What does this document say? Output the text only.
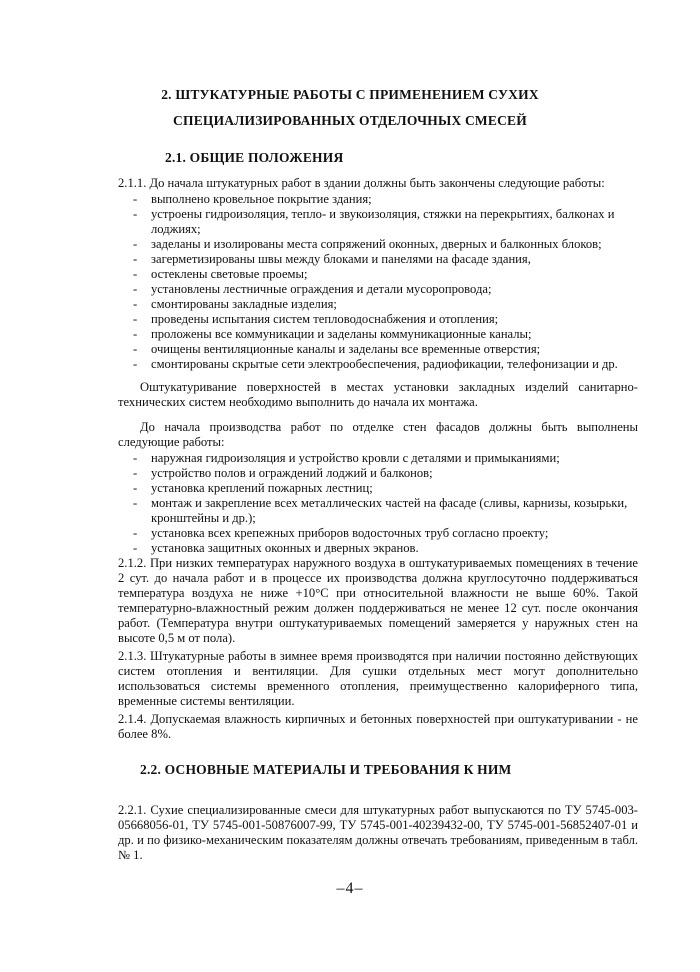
2. ШТУКАТУРНЫЕ РАБОТЫ С ПРИМЕНЕНИЕМ СУХИХ
СПЕЦИАЛИЗИРОВАННЫХ ОТДЕЛОЧНЫХ СМЕСЕЙ
2.1. ОБЩИЕ ПОЛОЖЕНИЯ
2.1.1. До начала штукатурных работ в здании должны быть закончены следующие работы:
- выполнено кровельное покрытие здания;
- устроены гидроизоляция, тепло- и звукоизоляция, стяжки на перекрытиях, балконах и лоджиях;
- заделаны и изолированы места сопряжений оконных, дверных и балконных блоков;
- загерметизированы швы между блоками и панелями на фасаде здания,
- остеклены световые проемы;
- установлены лестничные ограждения и детали мусоропровода;
- смонтированы закладные изделия;
- проведены испытания систем тепловодоснабжения и отопления;
- проложены все коммуникации и заделаны коммуникационные каналы;
- очищены вентиляционные каналы и заделаны все временные отверстия;
- смонтированы скрытые сети электрообеспечения, радиофикации, телефонизации и др.
Оштукатуривание поверхностей в местах установки закладных изделий санитарно-технических систем необходимо выполнить до начала их монтажа.
До начала производства работ по отделке стен фасадов должны быть выполнены следующие работы:
- наружная гидроизоляция и устройство кровли с деталями и примыканиями;
- устройство полов и ограждений лоджий и балконов;
- установка креплений пожарных лестниц;
- монтаж и закрепление всех металлических частей на фасаде (сливы, карнизы, козырьки, кронштейны и др.);
- установка всех крепежных приборов водосточных труб согласно проекту;
- установка защитных оконных и дверных экранов.
2.1.2. При низких температурах наружного воздуха в оштукатуриваемых помещениях в течение 2 сут. до начала работ и в процессе их производства должна круглосуточно поддерживаться температура воздуха не ниже +10°С при относительной влажности не выше 60%. Такой температурно-влажностный режим должен поддерживаться не менее 12 сут. после окончания работ. (Температура внутри оштукатуриваемых помещений замеряется у наружных стен на высоте 0,5 м от пола).
2.1.3. Штукатурные работы в зимнее время производятся при наличии постоянно действующих систем отопления и вентиляции. Для сушки отдельных мест могут дополнительно использоваться системы временного отопления, преимущественно калориферного типа, временные системы вентиляции.
2.1.4. Допускаемая влажность кирпичных и бетонных поверхностей при оштукатуривании - не более 8%.
2.2. ОСНОВНЫЕ МАТЕРИАЛЫ И ТРЕБОВАНИЯ К НИМ
2.2.1. Сухие специализированные смеси для штукатурных работ выпускаются по ТУ 5745-003-05668056-01, ТУ 5745-001-50876007-99, ТУ 5745-001-40239432-00, ТУ 5745-001-56852407-01 и др. и по физико-механическим показателям должны отвечать требованиям, приведенным в табл. № 1.
–4–
